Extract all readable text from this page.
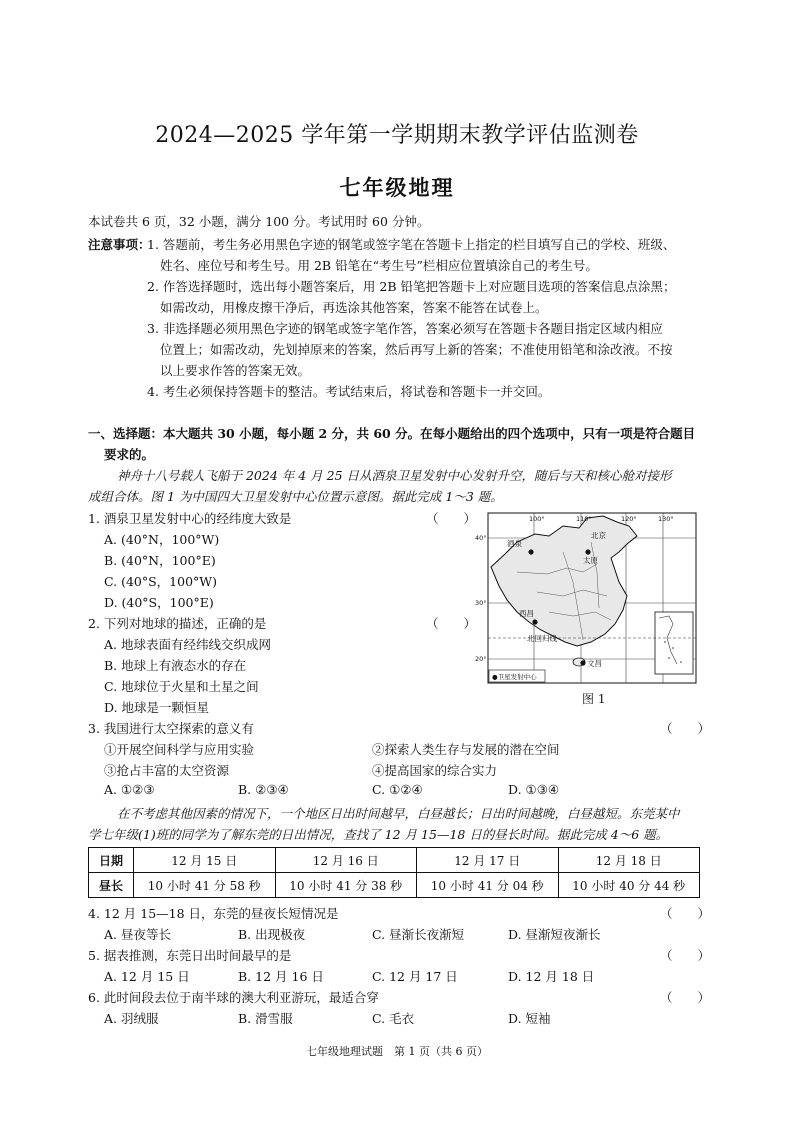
2024—2025 学年第一学期期末教学评估监测卷
七年级地理
本试卷共 6 页，32 小题，满分 100 分。考试用时 60 分钟。
注意事项：
1. 答题前，考生务必用黑色字迹的钢笔或签字笔在答题卡上指定的栏目填写自己的学校、班级、
姓名、座位号和考生号。用 2B 铅笔在“考生号”栏相应位置填涂自己的考生号。
2. 作答选择题时，选出每小题答案后，用 2B 铅笔把答题卡上对应题目选项的答案信息点涂黑；
如需改动，用橡皮擦干净后，再选涂其他答案，答案不能答在试卷上。
3. 非选择题必须用黑色字迹的钢笔或签字笔作答，答案必须写在答题卡各题目指定区域内相应
位置上；如需改动，先划掉原来的答案，然后再写上新的答案；不准使用铅笔和涂改液。不按
以上要求作答的答案无效。
4. 考生必须保持答题卡的整洁。考试结束后，将试卷和答题卡一并交回。
一、选择题：本大题共 30 小题，每小题 2 分，共 60 分。在每小题给出的四个选项中，只有一项是符合题目
要求的。
神舟十八号载人飞船于 2024 年 4 月 25 日从酒泉卫星发射中心发射升空，随后与天和核心舱对接形
成组合体。图 1 为中国四大卫星发射中心位置示意图。据此完成 1～3 题。
1. 酒泉卫星发射中心的经纬度大致是	（　　）
A. (40°N，100°W)
B. (40°N，100°E)
C. (40°S，100°W)
D. (40°S，100°E)
2. 下列对地球的描述，正确的是	（　　）
A. 地球表面有经纬线交织成网
B. 地球上有液态水的存在
C. 地球位于火星和土星之间
D. 地球是一颗恒星
酒泉
北京
太原
西昌
文昌
北回归线
100°	110°	120°	130°
40°
30°
20°
●卫星发射中心
图 1
3. 我国进行太空探索的意义有	（　　）
①开展空间科学与应用实验	②探索人类生存与发展的潜在空间
③抢占丰富的太空资源	④提高国家的综合实力
A. ①②③	B. ②③④	C. ①②④	D. ①③④
在不考虑其他因素的情况下，一个地区日出时间越早，白昼越长；日出时间越晚，白昼越短。东莞某中
学七年级(1)班的同学为了解东莞的日出情况，查找了 12 月 15—18 日的昼长时间。据此完成 4～6 题。
日期	12 月 15 日	12 月 16 日	12 月 17 日	12 月 18 日
昼长	10 小时 41 分 58 秒	10 小时 41 分 38 秒	10 小时 41 分 04 秒	10 小时 40 分 44 秒
4. 12 月 15—18 日，东莞的昼夜长短情况是	（　　）
A. 昼夜等长	B. 出现极夜	C. 昼渐长夜渐短	D. 昼渐短夜渐长
5. 据表推测，东莞日出时间最早的是	（　　）
A. 12 月 15 日	B. 12 月 16 日	C. 12 月 17 日	D. 12 月 18 日
6. 此时间段去位于南半球的澳大利亚游玩，最适合穿	（　　）
A. 羽绒服	B. 滑雪服	C. 毛衣	D. 短袖
七年级地理试题　第 1 页（共 6 页）
